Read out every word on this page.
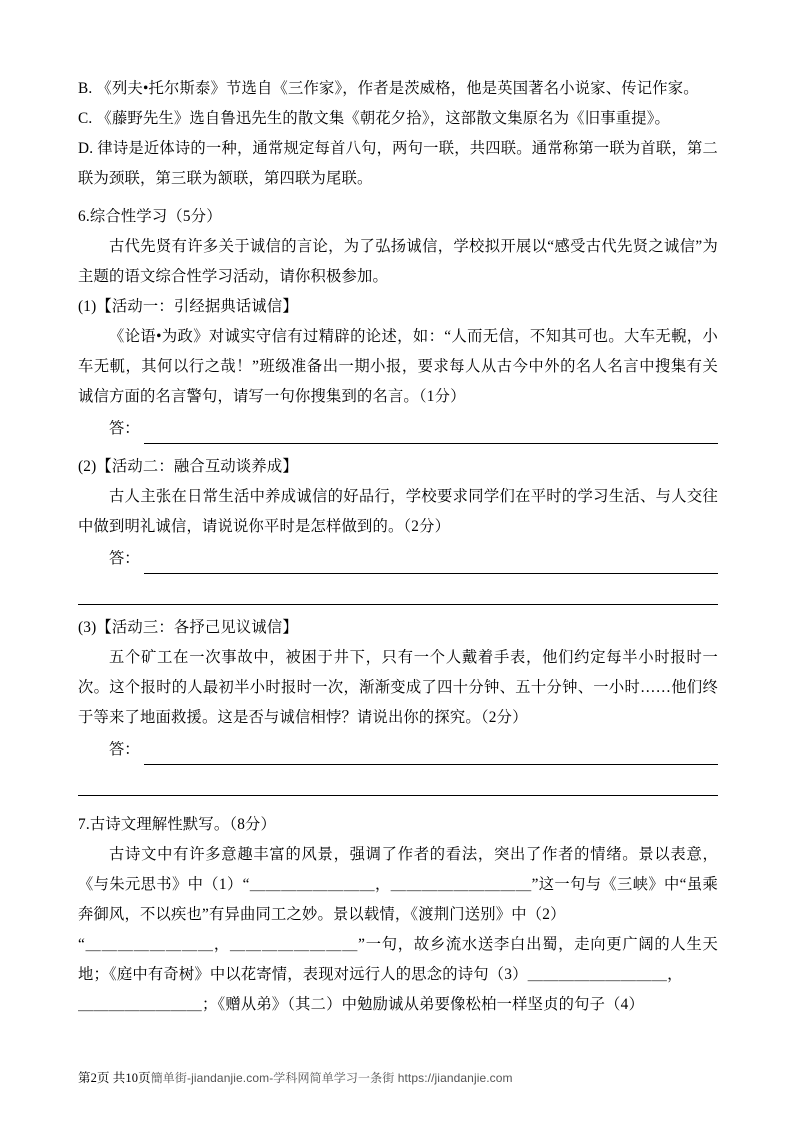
B. 《列夫•托尔斯泰》节选自《三作家》，作者是茨威格，他是英国著名小说家、传记作家。
C. 《藤野先生》选自鲁迅先生的散文集《朝花夕拾》，这部散文集原名为《旧事重提》。
D. 律诗是近体诗的一种，通常规定每首八句，两句一联，共四联。通常称第一联为首联，第二联为颈联，第三联为颔联，第四联为尾联。
6.综合性学习（5分）
古代先贤有许多关于诚信的言论，为了弘扬诚信，学校拟开展以“感受古代先贤之诚信”为主题的语文综合性学习活动，请你积极参加。
(1)【活动一：引经据典话诚信】
《论语•为政》对诚实守信有过精辟的论述，如：“人而无信，不知其可也。大车无輗，小车无軏，其何以行之哉！”班级准备出一期小报，要求每人从古今中外的名人名言中搜集有关诚信方面的名言警句，请写一句你搜集到的名言。（1分）
答：
(2)【活动二：融合互动谈养成】
古人主张在日常生活中养成诚信的好品行，学校要求同学们在平时的学习生活、与人交往中做到明礼诚信，请说说你平时是怎样做到的。（2分）
答：
(3)【活动三：各抒己见议诚信】
五个矿工在一次事故中，被困于井下，只有一个人戴着手表，他们约定每半小时报时一次。这个报时的人最初半小时报时一次，渐渐变成了四十分钟、五十分钟、一小时……他们终于等来了地面救援。这是否与诚信相悖？请说出你的探究。（2分）
答：
7.古诗文理解性默写。（8分）
古诗文中有许多意趣丰富的风景，强调了作者的看法，突出了作者的情绪。景以表意，《与朱元思书》中（1）“＿＿＿＿＿＿＿＿，＿＿＿＿＿＿＿＿＿”这一句与《三峡》中“虽乘奔御风，不以疾也”有异曲同工之妙。景以载情，《渡荆门送别》中（2）
“＿＿＿＿＿＿＿＿，＿＿＿＿＿＿＿＿”一句，故乡流水送李白出蜀，走向更广阔的人生天地；《庭中有奇树》中以花寄情，表现对远行人的思念的诗句（3）＿＿＿＿＿＿＿＿＿，
＿＿＿＿＿＿＿＿；《赠从弟》（其二）中勉励诚从弟要像松柏一样坚贞的句子（4）
第2页 共10页簡单街-jiandanjie.com-学科网简单学习一条街 https://jiandanjie.com
